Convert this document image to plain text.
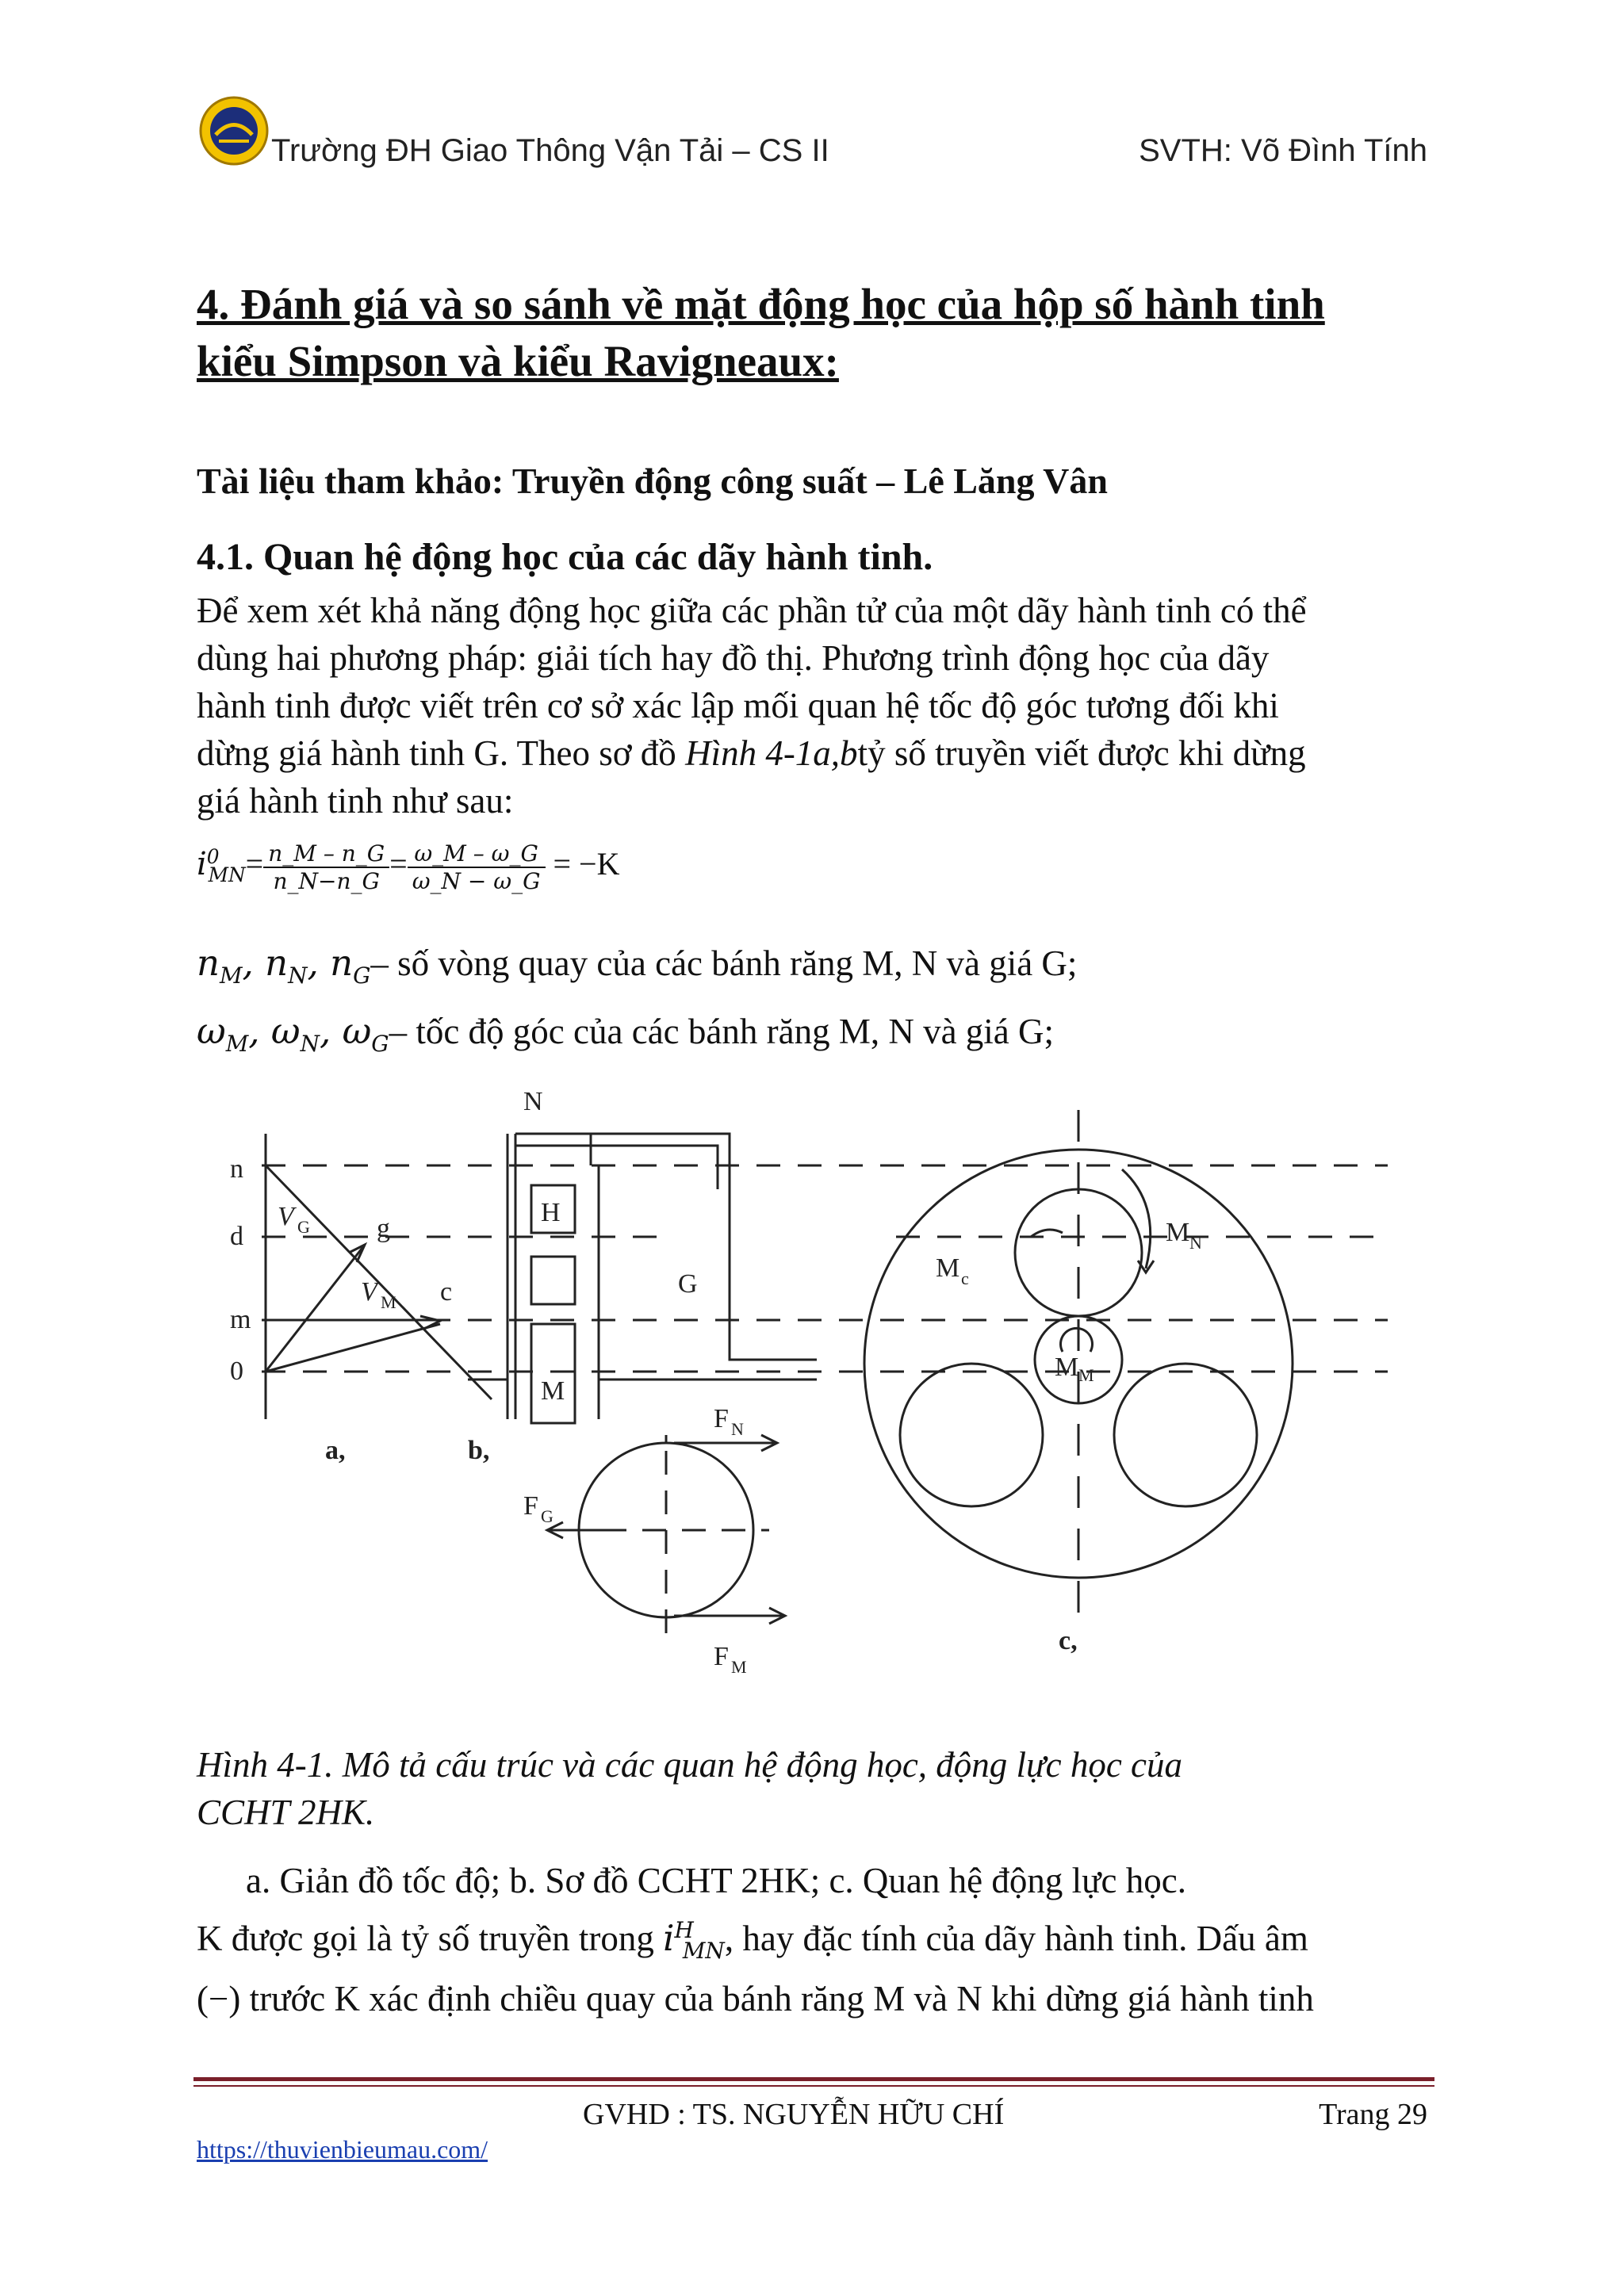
Trường ĐH Giao Thông Vận Tải – CS II	SVTH: Võ Đình Tính
4. Đánh giá và so sánh về mặt động học của hộp số hành tinh
kiểu Simpson và kiểu Ravigneaux:
Tài liệu tham khảo: Truyền động công suất – Lê Lăng Vân
4.1. Quan hệ động học của các dãy hành tinh.
Để xem xét khả năng động học giữa các phần tử của một dãy hành tinh có thể
dùng hai phương pháp: giải tích hay đồ thị. Phương trình động học của dãy
hành tinh được viết trên cơ sở xác lập mối quan hệ tốc độ góc tương đối khi
dừng giá hành tinh G. Theo sơ đồ Hình 4-1a,btỷ số truyền viết được khi dừng
giá hành tinh như sau:
$i^0_{MN}= \frac{n\_M - n\_G}{n\_N-n\_G} = \frac{\omega\_M - \omega\_G}{\omega\_N - \omega\_G} = -K$
$n_M$, $n_N$, $n_G-$ số vòng quay của các bánh răng M, N và giá G;
$\omega_M$, $\omega_N$, $\omega_G-$ tốc độ góc của các bánh răng M, N và giá G;
n
d
m
0
V G g
V M c
a,
N
H
G
M
b,
F N
F G
F M
M c
M N
M M
c,
Hình 4-1. Mô tả cấu trúc và các quan hệ động học, động lực học của
CCHT 2HK.
a. Giản đồ tốc độ; b. Sơ đồ CCHT 2HK; c. Quan hệ động lực học.
K được gọi là tỷ số truyền trong $i^H_{MN}$, hay đặc tính của dãy hành tinh. Dấu âm
(−) trước K xác định chiều quay của bánh răng M và N khi dừng giá hành tinh
GVHD : TS. NGUYỄN HỮU CHÍ	Trang 29
https://thuvienbieumau.com/
